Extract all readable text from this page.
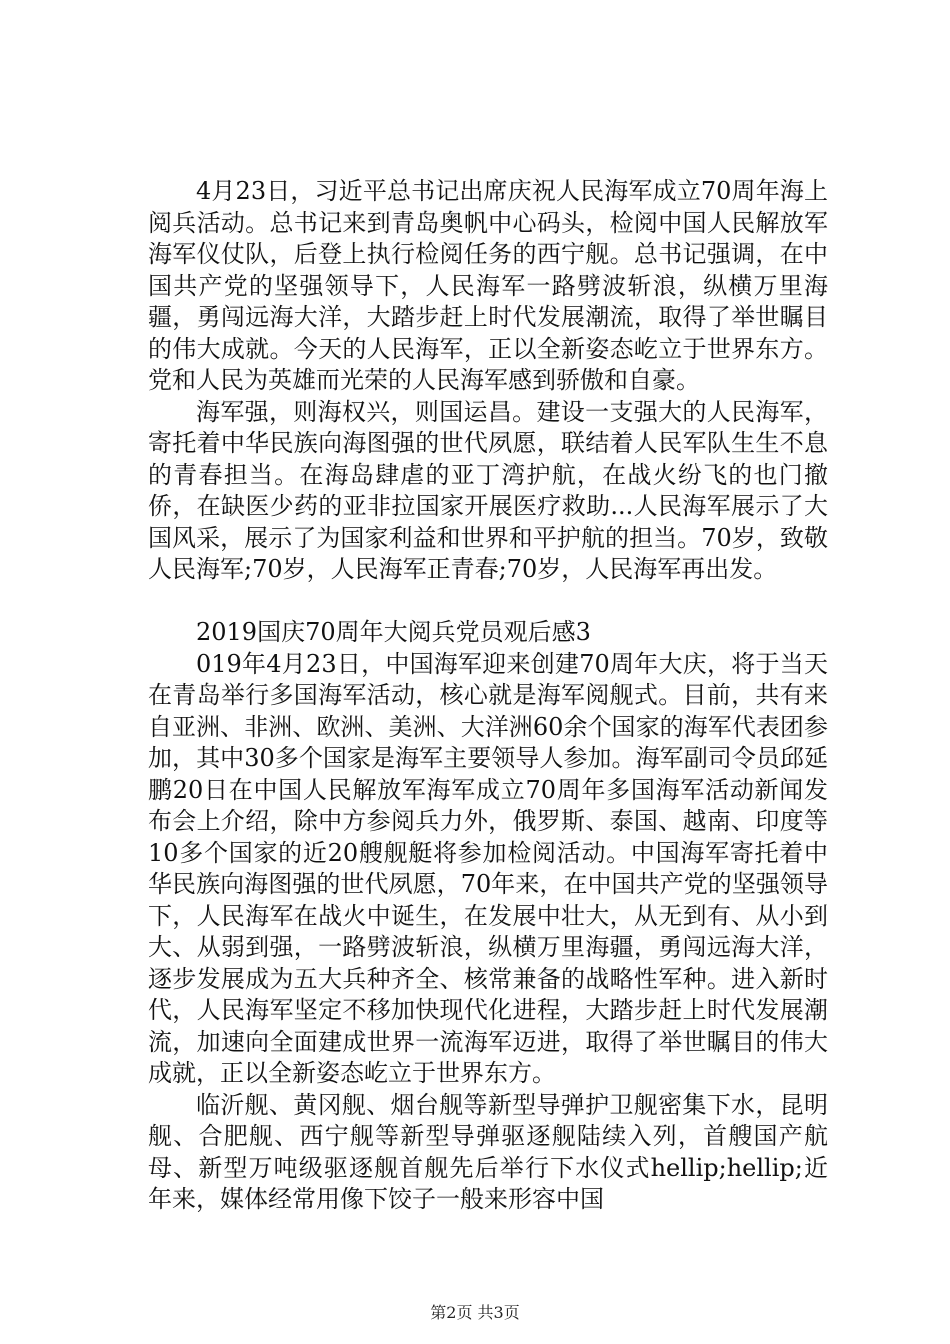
4月23日，习近平总书记出席庆祝人民海军成立70周年海上阅兵活动。总书记来到青岛奥帆中心码头，检阅中国人民解放军海军仪仗队，后登上执行检阅任务的西宁舰。总书记强调，在中国共产党的坚强领导下，人民海军一路劈波斩浪，纵横万里海疆，勇闯远海大洋，大踏步赶上时代发展潮流，取得了举世瞩目的伟大成就。今天的人民海军，正以全新姿态屹立于世界东方。党和人民为英雄而光荣的人民海军感到骄傲和自豪。

海军强，则海权兴，则国运昌。建设一支强大的人民海军，寄托着中华民族向海图强的世代夙愿，联结着人民军队生生不息的青春担当。在海岛肆虐的亚丁湾护航，在战火纷飞的也门撤侨，在缺医少药的亚非拉国家开展医疗救助...人民海军展示了大国风采，展示了为国家利益和世界和平护航的担当。70岁，致敬人民海军;70岁，人民海军正青春;70岁，人民海军再出发。

2019国庆70周年大阅兵党员观后感3

019年4月23日，中国海军迎来创建70周年大庆，将于当天在青岛举行多国海军活动，核心就是海军阅舰式。目前，共有来自亚洲、非洲、欧洲、美洲、大洋洲60余个国家的海军代表团参加，其中30多个国家是海军主要领导人参加。海军副司令员邱延鹏20日在中国人民解放军海军成立70周年多国海军活动新闻发布会上介绍，除中方参阅兵力外，俄罗斯、泰国、越南、印度等10多个国家的近20艘舰艇将参加检阅活动。中国海军寄托着中华民族向海图强的世代夙愿，70年来，在中国共产党的坚强领导下，人民海军在战火中诞生，在发展中壮大，从无到有、从小到大、从弱到强，一路劈波斩浪，纵横万里海疆，勇闯远海大洋，逐步发展成为五大兵种齐全、核常兼备的战略性军种。进入新时代，人民海军坚定不移加快现代化进程，大踏步赶上时代发展潮流，加速向全面建成世界一流海军迈进，取得了举世瞩目的伟大成就，正以全新姿态屹立于世界东方。

临沂舰、黄冈舰、烟台舰等新型导弹护卫舰密集下水，昆明舰、合肥舰、西宁舰等新型导弹驱逐舰陆续入列，首艘国产航母、新型万吨级驱逐舰首舰先后举行下水仪式hellip;hellip;近年来，媒体经常用像下饺子一般来形容中国

第2页 共3页
